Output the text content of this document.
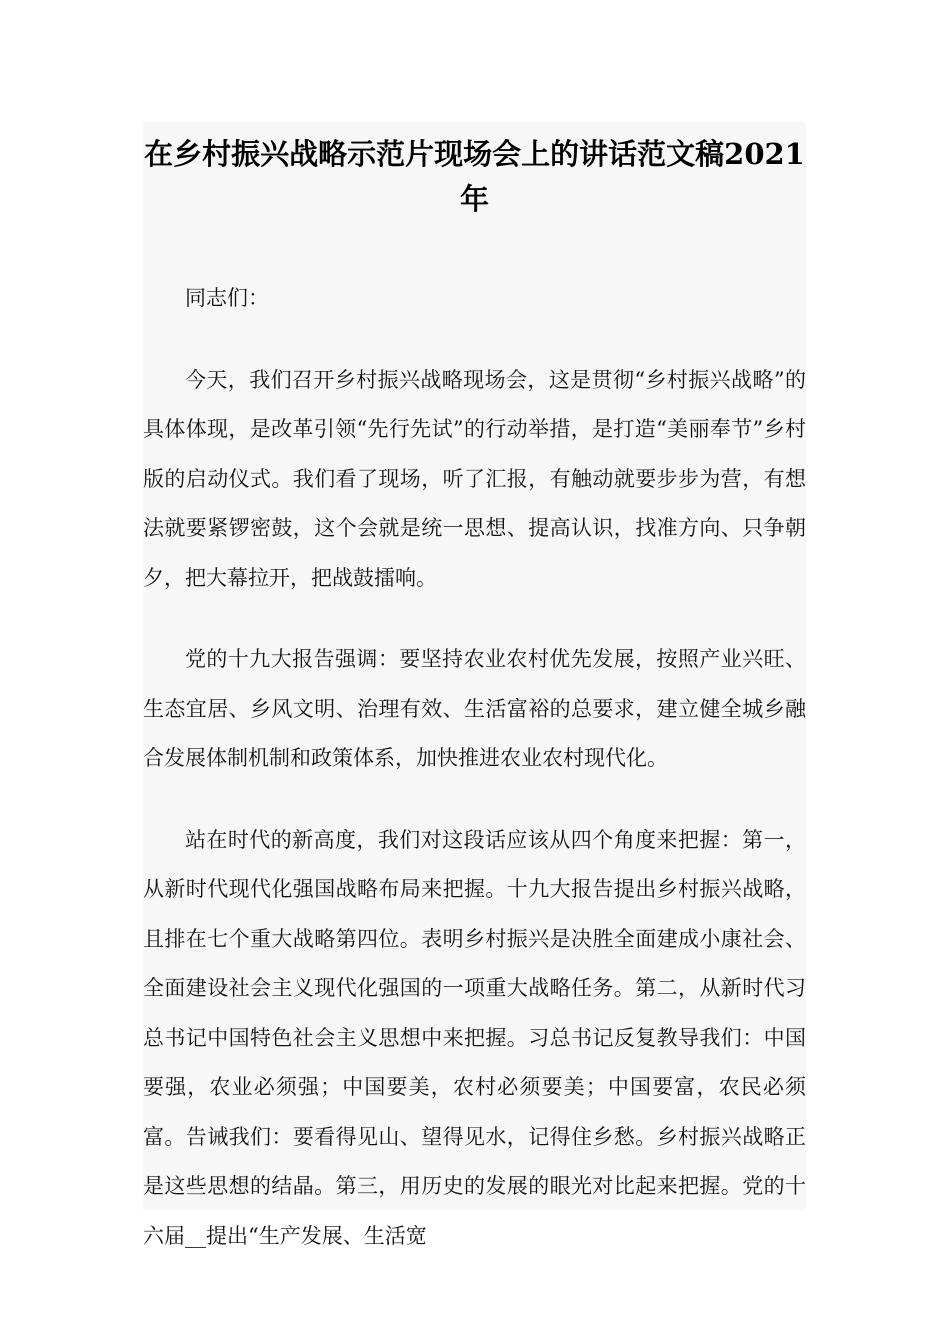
在乡村振兴战略示范片现场会上的讲话范文稿2021年

同志们：

今天，我们召开乡村振兴战略现场会，这是贯彻“乡村振兴战略”的具体体现，是改革引领“先行先试”的行动举措，是打造“美丽奉节”乡村版的启动仪式。我们看了现场，听了汇报，有触动就要步步为营，有想法就要紧锣密鼓，这个会就是统一思想、提高认识，找准方向、只争朝夕，把大幕拉开，把战鼓擂响。

党的十九大报告强调：要坚持农业农村优先发展，按照产业兴旺、生态宜居、乡风文明、治理有效、生活富裕的总要求，建立健全城乡融合发展体制机制和政策体系，加快推进农业农村现代化。

站在时代的新高度，我们对这段话应该从四个角度来把握：第一，从新时代现代化强国战略布局来把握。十九大报告提出乡村振兴战略，且排在七个重大战略第四位。表明乡村振兴是决胜全面建成小康社会、全面建设社会主义现代化强国的一项重大战略任务。第二，从新时代习总书记中国特色社会主义思想中来把握。习总书记反复教导我们：中国要强，农业必须强；中国要美，农村必须要美；中国要富，农民必须富。告诫我们：要看得见山、望得见水，记得住乡愁。乡村振兴战略正是这些思想的结晶。第三，用历史的发展的眼光对比起来把握。党的十六届__提出“生产发展、生活宽
